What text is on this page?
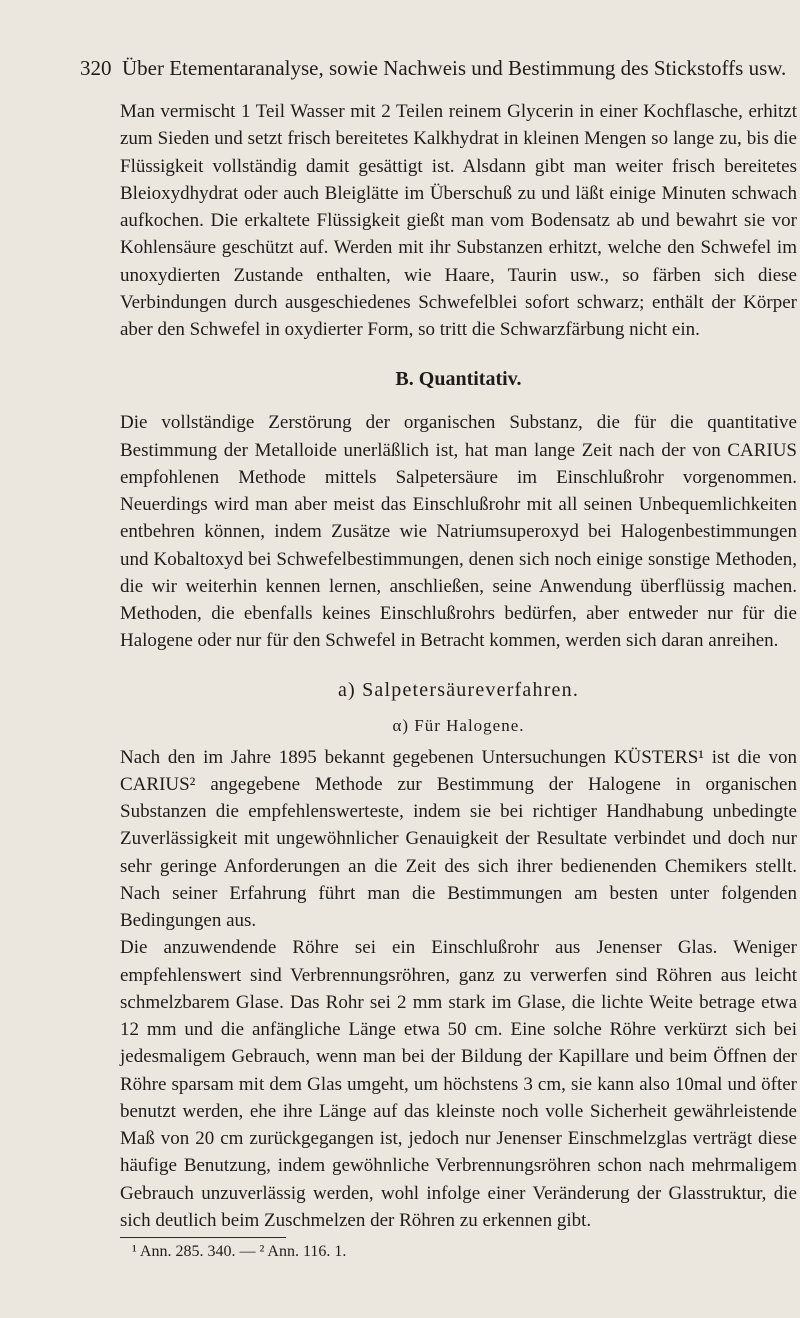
320 Über Etementaranalyse, sowie Nachweis und Bestimmung des Stickstoffs usw.

Man vermischt 1 Teil Wasser mit 2 Teilen reinem Glycerin in einer Kochflasche, erhitzt zum Sieden und setzt frisch bereitetes Kalkhydrat in kleinen Mengen so lange zu, bis die Flüssigkeit vollständig damit gesättigt ist. Alsdann gibt man weiter frisch bereitetes Bleioxydhydrat oder auch Bleiglätte im Überschuß zu und läßt einige Minuten schwach aufkochen. Die erkaltete Flüssigkeit gießt man vom Bodensatz ab und bewahrt sie vor Kohlensäure geschützt auf. Werden mit ihr Substanzen erhitzt, welche den Schwefel im unoxydierten Zustande enthalten, wie Haare, Taurin usw., so färben sich diese Verbindungen durch ausgeschiedenes Schwefelblei sofort schwarz; enthält der Körper aber den Schwefel in oxydierter Form, so tritt die Schwarzfärbung nicht ein.

B. Quantitativ.

Die vollständige Zerstörung der organischen Substanz, die für die quantitative Bestimmung der Metalloide unerläßlich ist, hat man lange Zeit nach der von CARIUS empfohlenen Methode mittels Salpetersäure im Einschlußrohr vorgenommen. Neuerdings wird man aber meist das Einschlußrohr mit all seinen Unbequemlichkeiten entbehren können, indem Zusätze wie Natriumsuperoxyd bei Halogenbestimmungen und Kobaltoxyd bei Schwefelbestimmungen, denen sich noch einige sonstige Methoden, die wir weiterhin kennen lernen, anschließen, seine Anwendung überflüssig machen. Methoden, die ebenfalls keines Einschlußrohrs bedürfen, aber entweder nur für die Halogene oder nur für den Schwefel in Betracht kommen, werden sich daran anreihen.

a) Salpetersäureverfahren.
α) Für Halogene.

Nach den im Jahre 1895 bekannt gegebenen Untersuchungen KÜSTERS¹ ist die von CARIUS² angegebene Methode zur Bestimmung der Halogene in organischen Substanzen die empfehlenswerteste, indem sie bei richtiger Handhabung unbedingte Zuverlässigkeit mit ungewöhnlicher Genauigkeit der Resultate verbindet und doch nur sehr geringe Anforderungen an die Zeit des sich ihrer bedienenden Chemikers stellt. Nach seiner Erfahrung führt man die Bestimmungen am besten unter folgenden Bedingungen aus.

Die anzuwendende Röhre sei ein Einschlußrohr aus Jenenser Glas. Weniger empfehlenswert sind Verbrennungsröhren, ganz zu verwerfen sind Röhren aus leicht schmelzbarem Glase. Das Rohr sei 2 mm stark im Glase, die lichte Weite betrage etwa 12 mm und die anfängliche Länge etwa 50 cm. Eine solche Röhre verkürzt sich bei jedesmaligem Gebrauch, wenn man bei der Bildung der Kapillare und beim Öffnen der Röhre sparsam mit dem Glas umgeht, um höchstens 3 cm, sie kann also 10mal und öfter benutzt werden, ehe ihre Länge auf das kleinste noch volle Sicherheit gewährleistende Maß von 20 cm zurückgegangen ist, jedoch nur Jenenser Einschmelzglas verträgt diese häufige Benutzung, indem gewöhnliche Verbrennungsröhren schon nach mehrmaligem Gebrauch unzuverlässig werden, wohl infolge einer Veränderung der Glasstruktur, die sich deutlich beim Zuschmelzen der Röhren zu erkennen gibt.

¹ Ann. 285. 340. — ² Ann. 116. 1.
